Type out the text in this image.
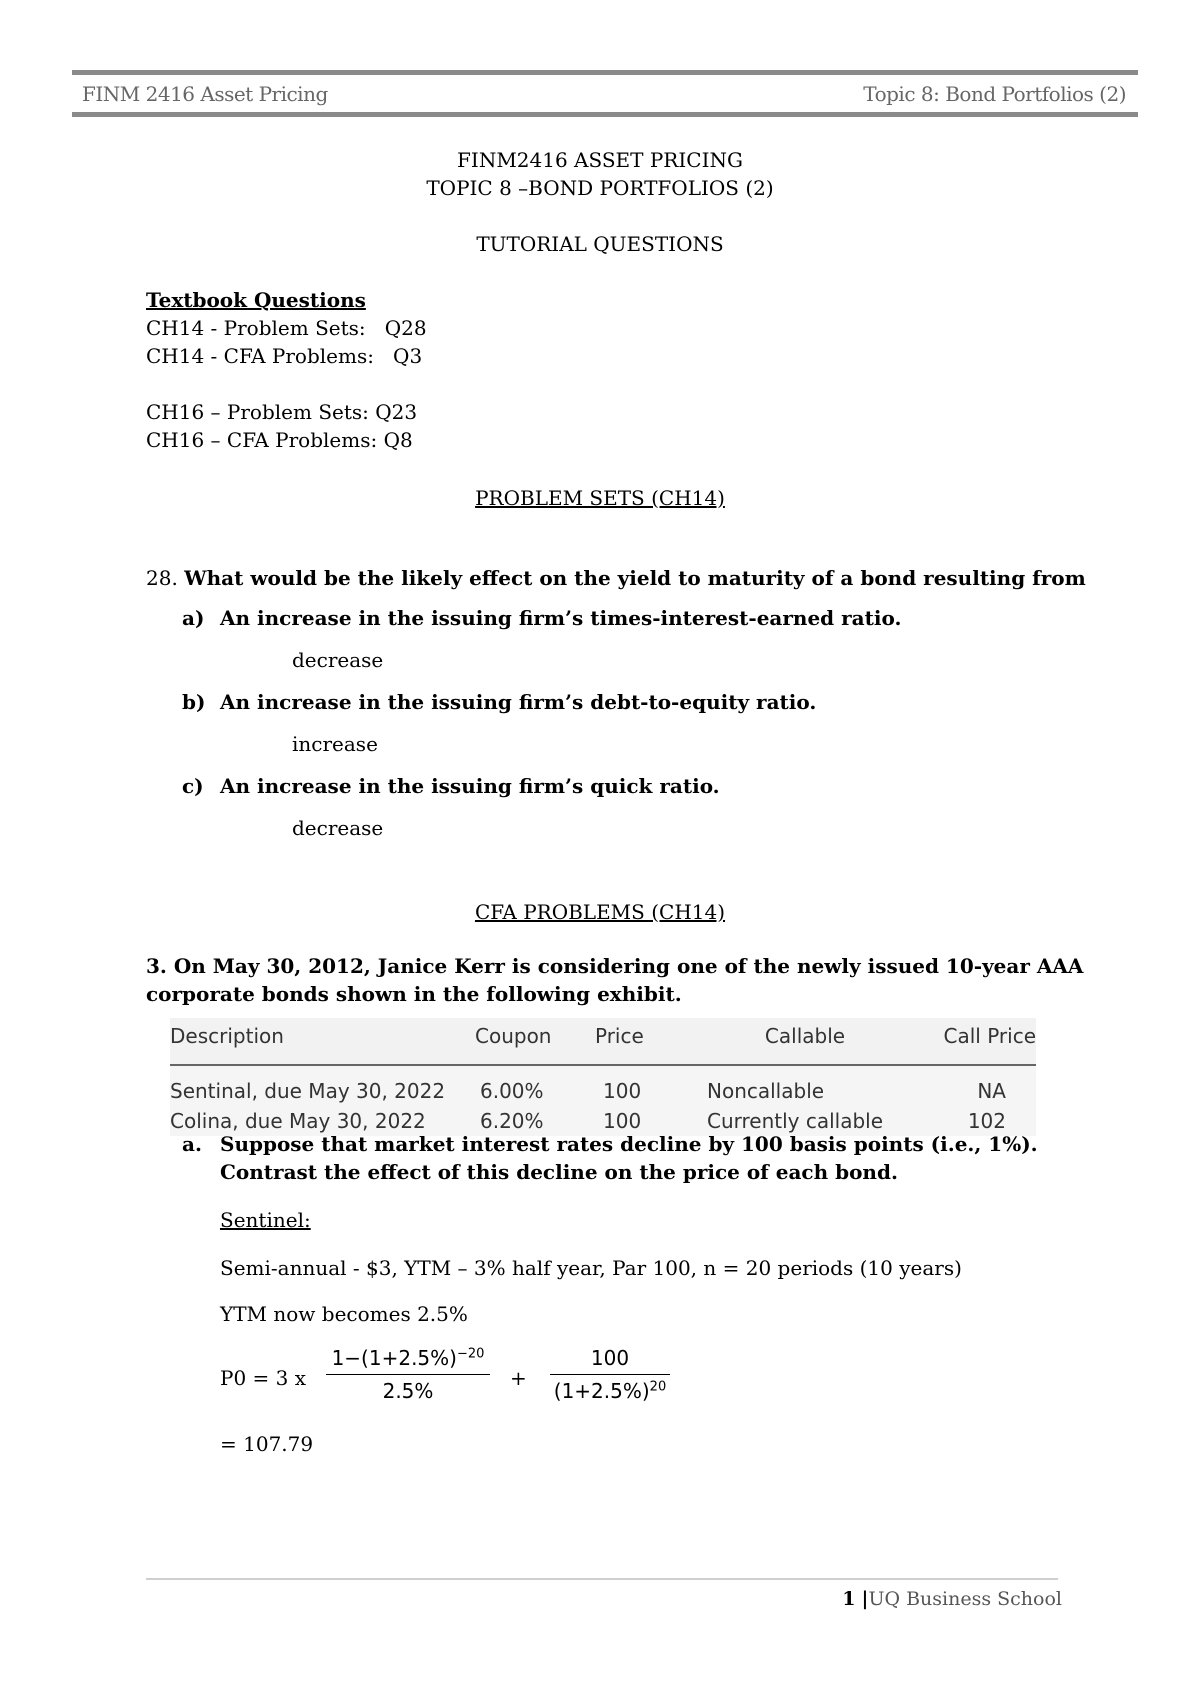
FINM 2416 Asset Pricing	Topic 8: Bond Portfolios (2)
FINM2416 ASSET PRICING
TOPIC 8 –BOND PORTFOLIOS (2)
TUTORIAL QUESTIONS
Textbook Questions
CH14 - Problem Sets:   Q28
CH14 - CFA Problems:   Q3
CH16 – Problem Sets: Q23
CH16 – CFA Problems: Q8
PROBLEM SETS (CH14)
28. What would be the likely effect on the yield to maturity of a bond resulting from
a) An increase in the issuing firm’s times-interest-earned ratio.
decrease
b) An increase in the issuing firm’s debt-to-equity ratio.
increase
c) An increase in the issuing firm’s quick ratio.
decrease
CFA PROBLEMS (CH14)
3. On May 30, 2012, Janice Kerr is considering one of the newly issued 10-year AAA
corporate bonds shown in the following exhibit.
Description	Coupon	Price	Callable	Call Price
Sentinal, due May 30, 2022	6.00%	100	Noncallable	NA
Colina, due May 30, 2022	6.20%	100	Currently callable	102
a. Suppose that market interest rates decline by 100 basis points (i.e., 1%).
Contrast the effect of this decline on the price of each bond.
Sentinel:
Semi-annual - $3, YTM – 3% half year, Par 100, n = 20 periods (10 years)
YTM now becomes 2.5%
P0 = 3 x
$1-(1+2.5\%)^{-20}$
2.5%
+
100
$(1+2.5\%)^{20}$
= 107.79
1 |UQ Business School
